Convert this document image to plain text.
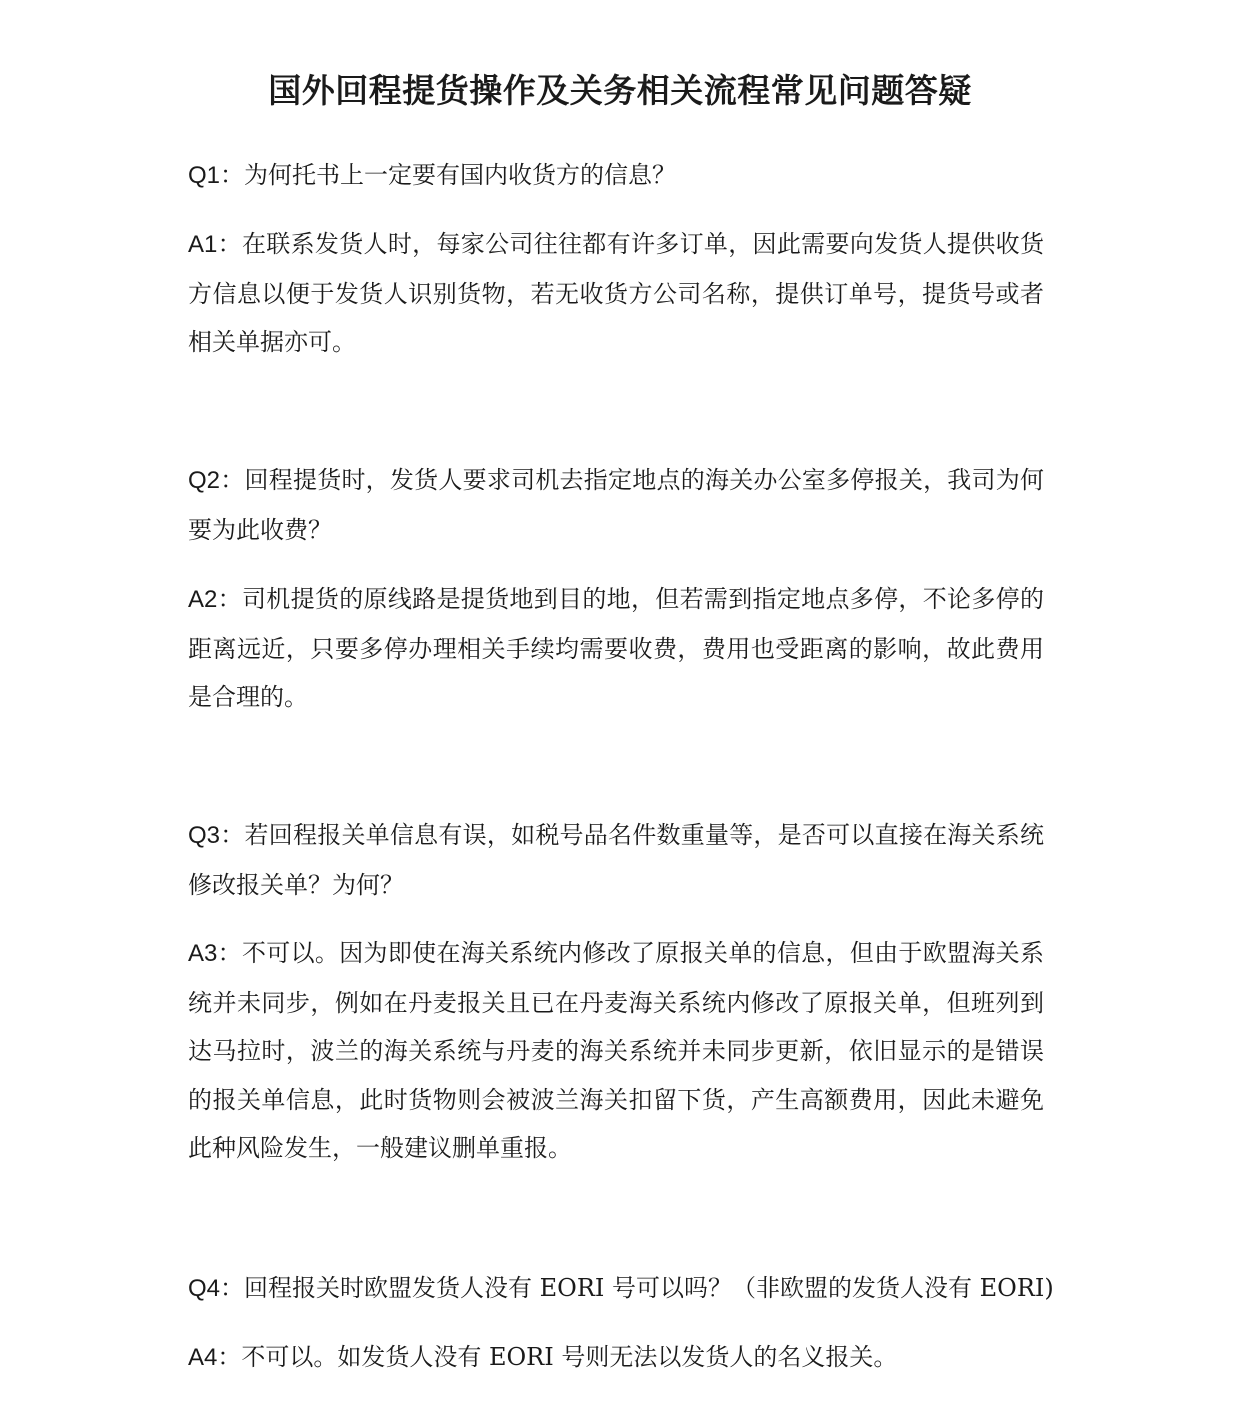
国外回程提货操作及关务相关流程常见问题答疑

Q1：为何托书上一定要有国内收货方的信息？

A1：在联系发货人时，每家公司往往都有许多订单，因此需要向发货人提供收货方信息以便于发货人识别货物，若无收货方公司名称，提供订单号，提货号或者相关单据亦可。

Q2：回程提货时，发货人要求司机去指定地点的海关办公室多停报关，我司为何要为此收费？

A2：司机提货的原线路是提货地到目的地，但若需到指定地点多停，不论多停的距离远近，只要多停办理相关手续均需要收费，费用也受距离的影响，故此费用是合理的。

Q3：若回程报关单信息有误，如税号品名件数重量等，是否可以直接在海关系统修改报关单？为何？

A3：不可以。因为即使在海关系统内修改了原报关单的信息，但由于欧盟海关系统并未同步，例如在丹麦报关且已在丹麦海关系统内修改了原报关单，但班列到达马拉时，波兰的海关系统与丹麦的海关系统并未同步更新，依旧显示的是错误的报关单信息，此时货物则会被波兰海关扣留下货，产生高额费用，因此未避免此种风险发生，一般建议删单重报。

Q4：回程报关时欧盟发货人没有 EORI 号可以吗？（非欧盟的发货人没有 EORI)

A4：不可以。如发货人没有 EORI 号则无法以发货人的名义报关。
